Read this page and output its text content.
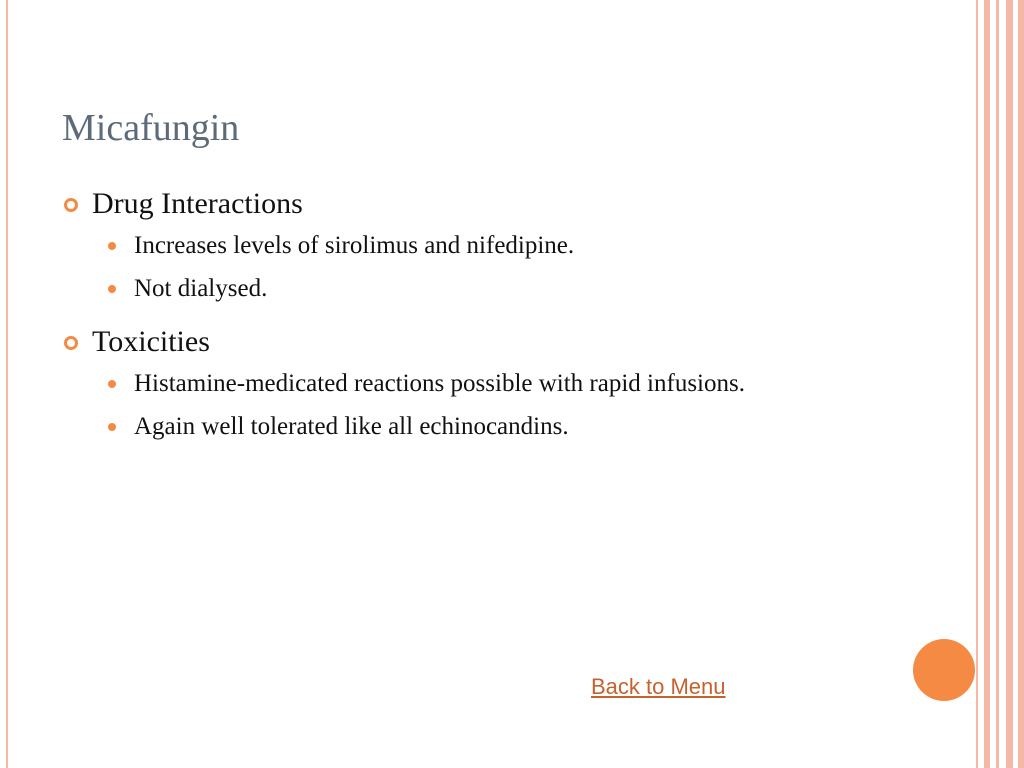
Micafungin
Drug Interactions
Increases levels of sirolimus and nifedipine.
Not dialysed.
Toxicities
Histamine-medicated reactions possible with rapid infusions.
Again well tolerated like all echinocandins.
Back to Menu
